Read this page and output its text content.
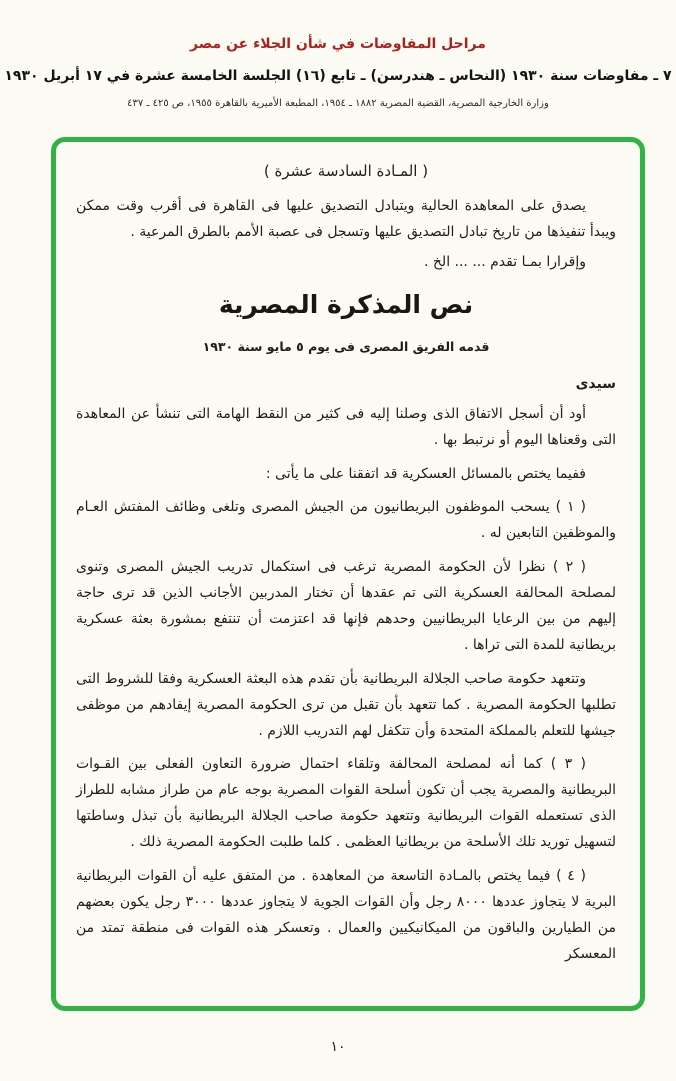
مراحل المفاوضات في شأن الجلاء عن مصر
٧ ـ مفاوضات سنة ١٩٣٠ (النحاس ـ هندرسن) ـ تابع (١٦) الجلسة الخامسة عشرة في ١٧ أبريل ١٩٣٠
وزارة الخارجية المصرية، القضية المصرية ١٨٨٢ ـ ١٩٥٤، المطبعة الأميرية بالقاهرة ١٩٥٥، ص ٤٢٥ ـ ٤٣٧
( المـادة السادسة عشرة )

يصدق على المعاهدة الحالية ويتبادل التصديق عليها فى القاهرة فى أقرب وقت ممكن ويبدأ تنفيذها من تاريخ تبادل التصديق عليها وتسجل فى عصبة الأمم بالطرق المرعية .

وإقرارا بمـا تقدم ... ... الخ .

نص المذكرة المصرية
قدمه الفريق المصرى فى يوم ٥ مايو سنة ١٩٣٠
سيدى

أود أن أسجل الاتفاق الذى وصلنا إليه فى كثير من النقط الهامة التى تنشأ عن المعاهدة التى وقعناها اليوم أو نرتبط بها .

ففيما يختص بالمسائل العسكرية قد اتفقنا على ما يأتى :

( ١ ) يسحب الموظفون البريطانيون من الجيش المصرى وتلغى وظائف المفتش العـام والموظفين التابعين له .

( ٢ ) نظرا لأن الحكومة المصرية ترغب فى استكمال تدريب الجيش المصرى وتنوى لمصلحة المحالفة العسكرية التى تم عقدها أن تختار المدربين الأجانب الذين قد ترى حاجة إليهم من بين الرعايا البريطانيين وحدهم فإنها قد اعتزمت أن تنتفع بمشورة بعثة عسكرية بريطانية للمدة التى تراها .

وتتعهد حكومة صاحب الجلالة البريطانية بأن تقدم هذه البعثة العسكرية وفقا للشروط التى تطلبها الحكومة المصرية . كما تتعهد بأن تقبل من ترى الحكومة المصرية إيفادهم من موظفى جيشها للتعلم بالمملكة المتحدة وأن تتكفل لهم التدريب اللازم .

( ٣ ) كما أنه لمصلحة المحالفة وتلقاء احتمال ضرورة التعاون الفعلى بين القـوات البريطانية والمصرية يجب أن تكون أسلحة القوات المصرية بوجه عام من طراز مشابه للطراز الذى تستعمله القوات البريطانية وتتعهد حكومة صاحب الجلالة البريطانية بأن تبذل وساطتها لتسهيل توريد تلك الأسلحة من بريطانيا العظمى . كلما طلبت الحكومة المصرية ذلك .

( ٤ ) فيما يختص بالمـادة التاسعة من المعاهدة . من المتفق عليه أن القوات البريطانية البرية لا يتجاوز عددها ٨٠٠٠ رجل وأن القوات الجوية لا يتجاوز عددها ٣٠٠٠ رجل يكون بعضهم من الطيارين والباقون من الميكانيكيين والعمال . وتعسكر هذه القوات فى منطقة تمتد من المعسكر

١٠
